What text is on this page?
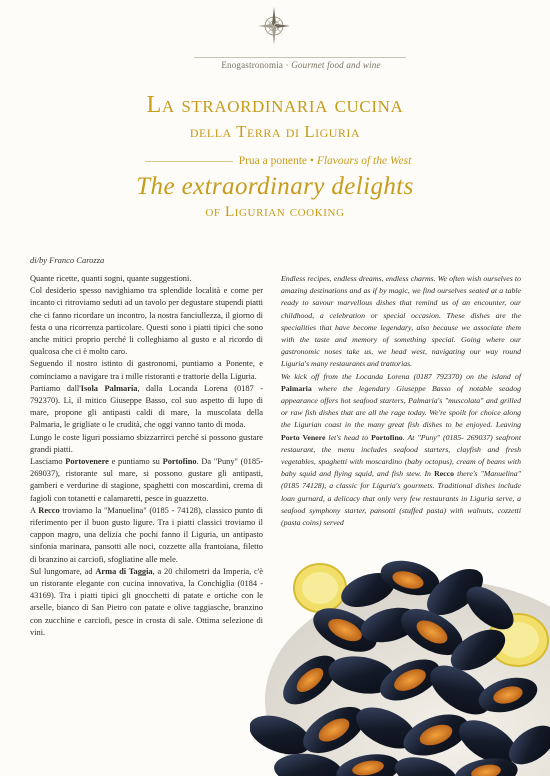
Enogastronomia · Gourmet food and wine
La straordinaria cucina
della Terra di Liguria
Prua a ponente • Flavours of the West
The extraordinary delights
of Ligurian cooking
di/by Franco Carozza

Quante ricette, quanti sogni, quante suggestioni.

Col desiderio spesso navighiamo tra splendide località e come per incanto ci ritroviamo seduti ad un tavolo per degustare stupendi piatti che ci fanno ricordare un incontro, la nostra fanciullezza, il giorno di festa o una ricorrenza particolare. Questi sono i piatti tipici che sono anche mitici proprio perché li colleghiamo al gusto e al ricordo di qualcosa che ci è molto caro.

Seguendo il nostro istinto di gastronomi, puntiamo a Ponente, e cominciamo a navigare tra i mille ristoranti e trattorie della Liguria.

Partiamo dall'Isola Palmaria, dalla Locanda Lorena (0187 - 792370). Lì, il mitico Giuseppe Basso, col suo aspetto di lupo di mare, propone gli antipasti caldi di mare, la muscolata della Palmaria, le grigliate o le crudità, che oggi vanno tanto di moda.

Lungo le coste liguri possiamo sbizzarrirci perché si possono gustare grandi piatti.

Lasciamo Portovenere e puntiamo su Portofino. Da "Puny" (0185- 269037), ristorante sul mare, si possono gustare gli antipasti, gamberi e verdurine di stagione, spaghetti con moscardini, crema di fagioli con totanetti e calamaretti, pesce in guazzetto.

A Recco troviamo la "Manuelina" (0185 - 74128), classico punto di riferimento per il buon gusto ligure. Tra i piatti classici troviamo il cappon magro, una delizia che pochi fanno il Liguria, un antipasto sinfonia marinara, pansotti alle noci, cozzette alla frantoiana, filetto di branzino ai carciofi, sfogliatine alle mele.

Sul lungomare, ad Arma di Taggia, a 20 chilometri da Imperia, c'è un ristorante elegante con cucina innovativa, la Conchiglia (0184 - 43169). Tra i piatti tipici gli gnocchetti di patate e ortiche con le arselle, bianco di San Pietro con patate e olive taggiasche, branzino con zucchine e carciofi, pesce in crosta di sale. Ottima selezione di vini.

Endless recipes, endless dreams, endless charms. We often wish ourselves to amazing destinations and as if by magic, we find ourselves seated at a table ready to savour marvellous dishes that remind us of an encounter, our childhood, a celebration or special occasion. These dishes are the specialities that have become legendary, also because we associate them with the taste and memory of something special. Going where our gastronomic noses take us, we head west, navigating our way round Liguria's many restaurants and trattorias.

We kick off from the Locanda Lorena (0187 792370) on the island of Palmaria where the legendary Giuseppe Basso of notable seadog appearance offers hot seafood starters, Palmaria's "muscolata" and grilled or raw fish dishes that are all the rage today. We're spoilt for choice along the Ligurian coast in the many great fish dishes to be enjoyed. Leaving Porto Venere let's head to Portofino. At "Puny" (0185- 269037) seafront restaurant, the menu includes seafood starters, clayfish and fresh vegetables, spaghetti with moscardino (baby octopus), cream of beans with baby squid and flying squid, and fish stew. In Recco there's "Manuelina" (0185 74128), a classic for Liguria's gourmets. Traditional dishes include loan gurnard, a delicacy that only very few restaurants in Liguria serve, a seafood symphony starter, pansotti (stuffed pasta) with walnuts, cozzetti (pasta coins) served
